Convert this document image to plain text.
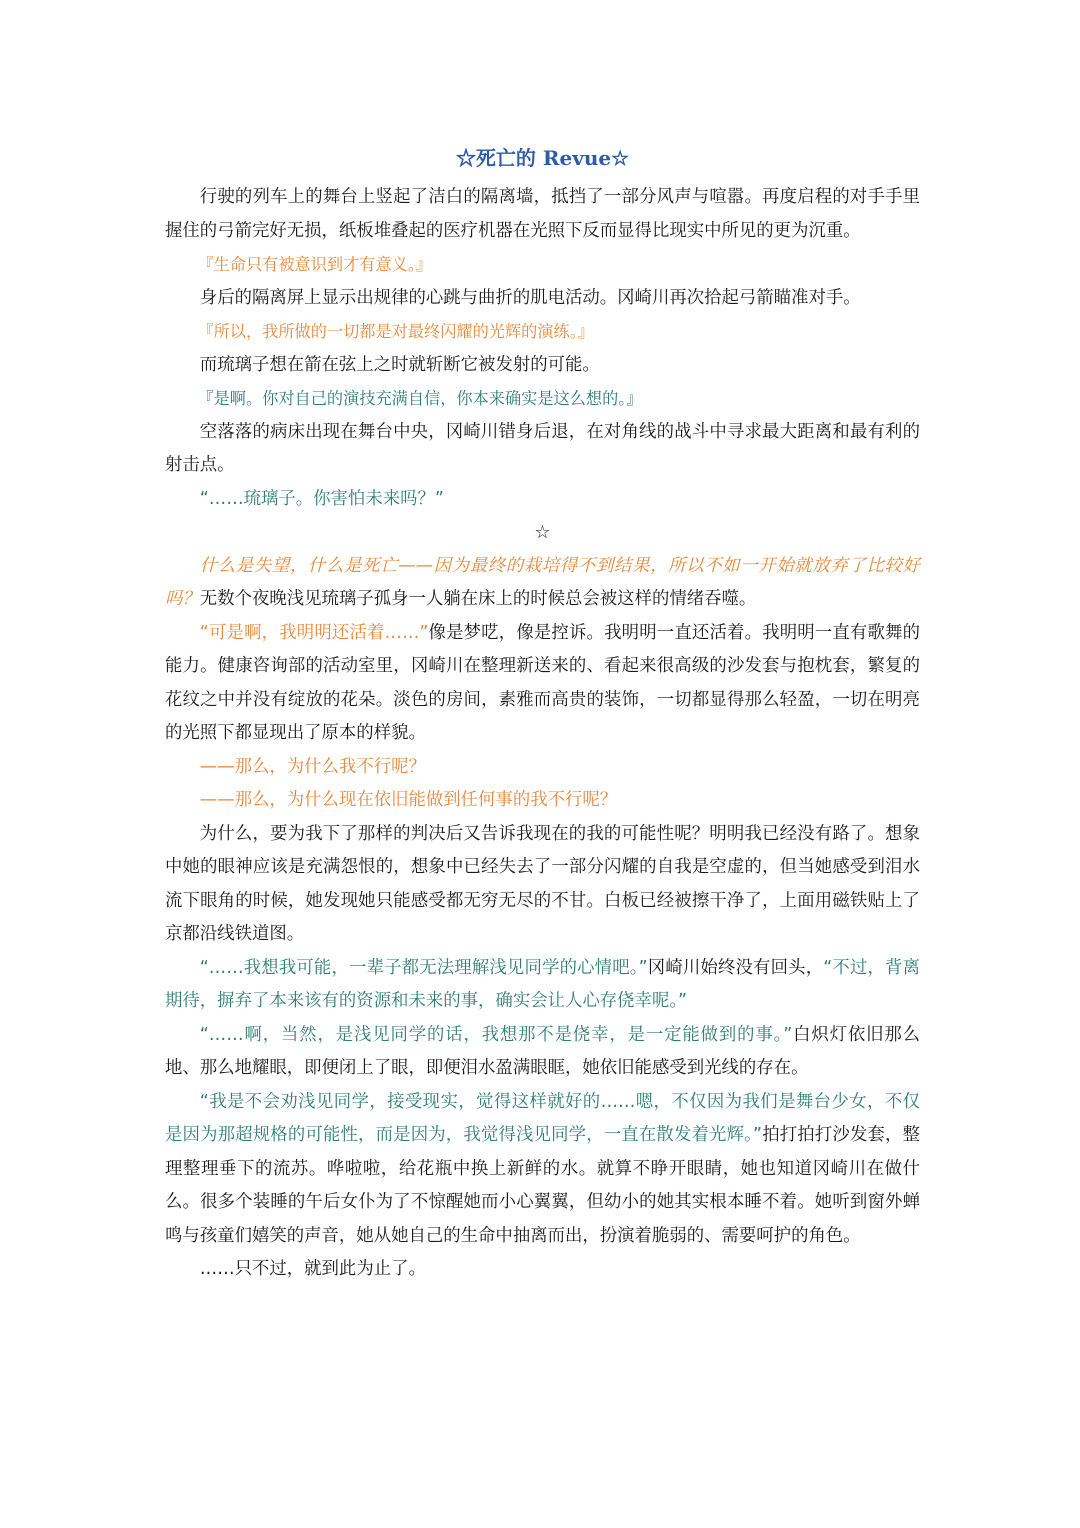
☆死亡的 Revue☆

行驶的列车上的舞台上竖起了洁白的隔离墙，抵挡了一部分风声与喧嚣。再度启程的对手手里握住的弓箭完好无损，纸板堆叠起的医疗机器在光照下反而显得比现实中所见的更为沉重。

『生命只有被意识到才有意义。』

身后的隔离屏上显示出规律的心跳与曲折的肌电活动。冈崎川再次拾起弓箭瞄准对手。

『所以，我所做的一切都是对最终闪耀的光辉的演练。』

而琉璃子想在箭在弦上之时就斩断它被发射的可能。

『是啊。你对自己的演技充满自信，你本来确实是这么想的。』

空落落的病床出现在舞台中央，冈崎川错身后退，在对角线的战斗中寻求最大距离和最有利的射击点。

“……琉璃子。你害怕未来吗？”

☆

什么是失望，什么是死亡——因为最终的栽培得不到结果，所以不如一开始就放弃了比较好吗？无数个夜晚浅见琉璃子孤身一人躺在床上的时候总会被这样的情绪吞噬。

“可是啊，我明明还活着……”像是梦呓，像是控诉。我明明一直还活着。我明明一直有歌舞的能力。健康咨询部的活动室里，冈崎川在整理新送来的、看起来很高级的沙发套与抱枕套，繁复的花纹之中并没有绽放的花朵。淡色的房间，素雅而高贵的装饰，一切都显得那么轻盈，一切在明亮的光照下都显现出了原本的样貌。

——那么，为什么我不行呢？

——那么，为什么现在依旧能做到任何事的我不行呢？

为什么，要为我下了那样的判决后又告诉我现在的我的可能性呢？明明我已经没有路了。想象中她的眼神应该是充满怨恨的，想象中已经失去了一部分闪耀的自我是空虚的，但当她感受到泪水流下眼角的时候，她发现她只能感受都无穷无尽的不甘。白板已经被擦干净了，上面用磁铁贴上了京都沿线铁道图。

“……我想我可能，一辈子都无法理解浅见同学的心情吧。”冈崎川始终没有回头，“不过，背离期待，摒弃了本来该有的资源和未来的事，确实会让人心存侥幸呢。”

“……啊，当然，是浅见同学的话，我想那不是侥幸，是一定能做到的事。”白炽灯依旧那么地、那么地耀眼，即便闭上了眼，即便泪水盈满眼眶，她依旧能感受到光线的存在。

“我是不会劝浅见同学，接受现实，觉得这样就好的……嗯，不仅因为我们是舞台少女，不仅是因为那超规格的可能性，而是因为，我觉得浅见同学，一直在散发着光辉。”拍打拍打沙发套，整理整理垂下的流苏。哗啦啦，给花瓶中换上新鲜的水。就算不睁开眼睛，她也知道冈崎川在做什么。很多个装睡的午后女仆为了不惊醒她而小心翼翼，但幼小的她其实根本睡不着。她听到窗外蝉鸣与孩童们嬉笑的声音，她从她自己的生命中抽离而出，扮演着脆弱的、需要呵护的角色。

……只不过，就到此为止了。
